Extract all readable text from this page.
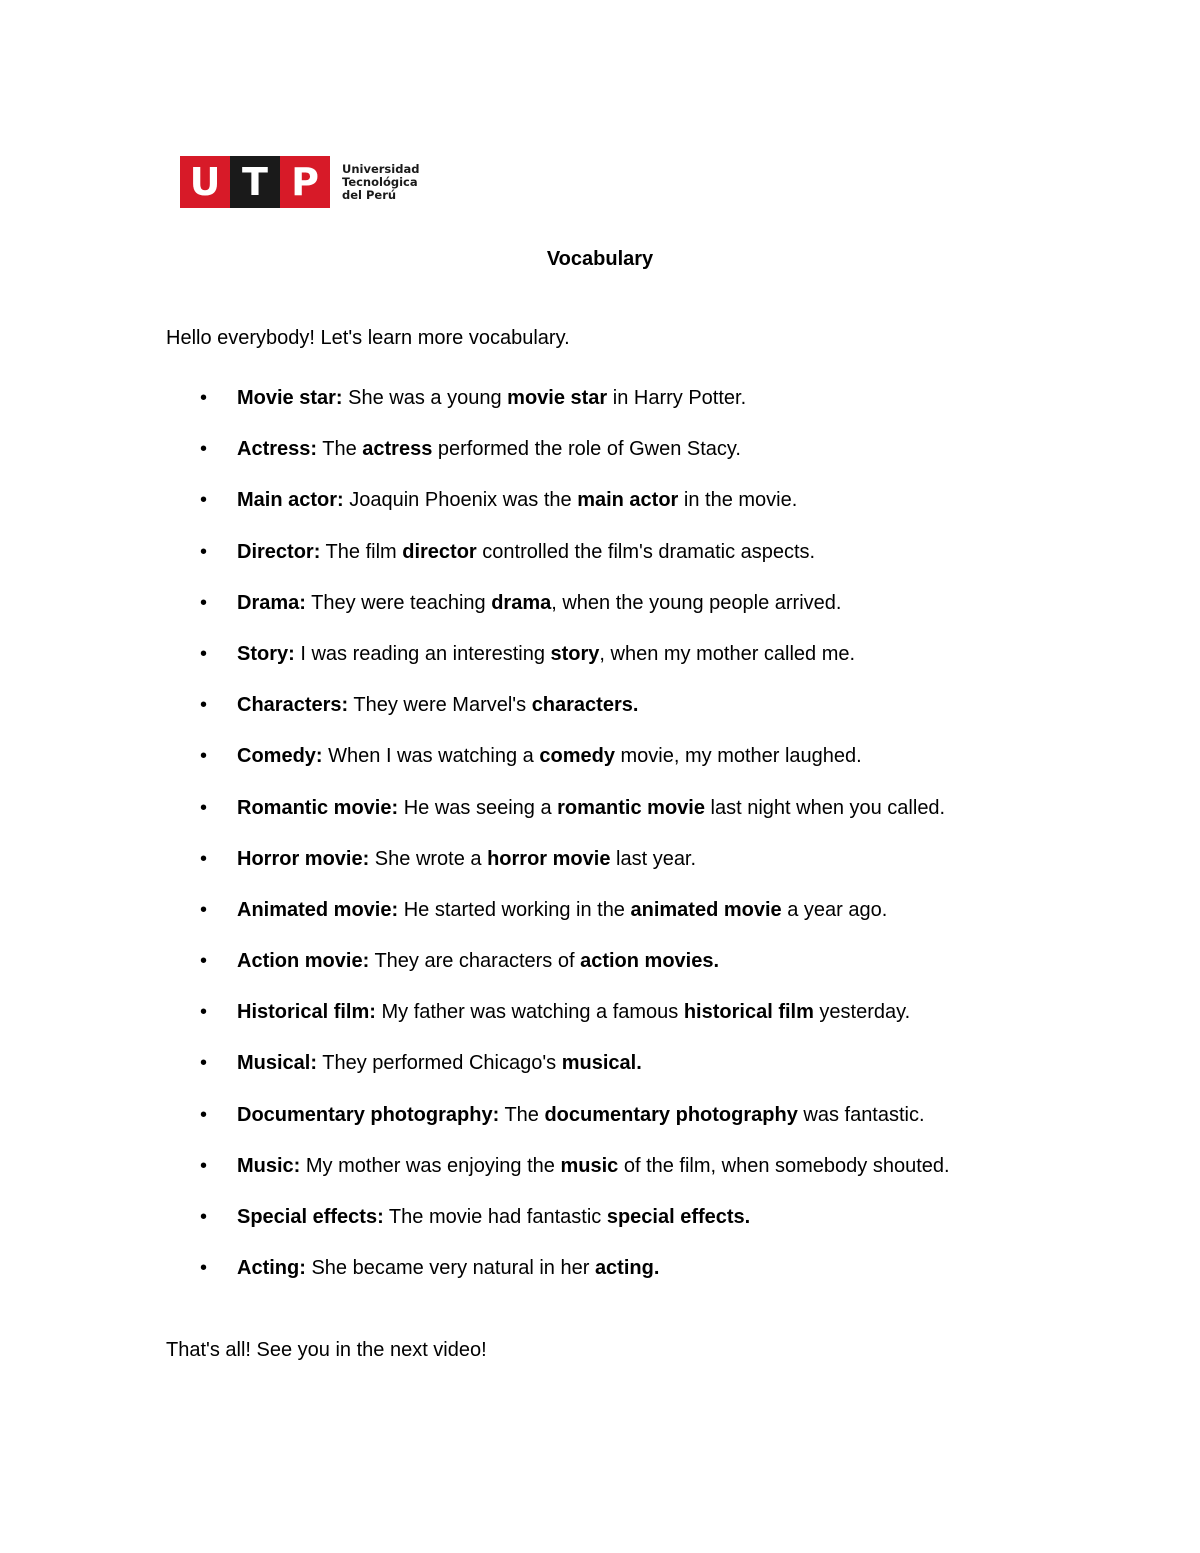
U T P	Universidad
Tecnológica
del Perú
Vocabulary
Hello everybody! Let's learn more vocabulary.
• Movie star: She was a young movie star in Harry Potter.
• Actress: The actress performed the role of Gwen Stacy.
• Main actor: Joaquin Phoenix was the main actor in the movie.
• Director: The film director controlled the film's dramatic aspects.
• Drama: They were teaching drama, when the young people arrived.
• Story: I was reading an interesting story, when my mother called me.
• Characters: They were Marvel's characters.
• Comedy: When I was watching a comedy movie, my mother laughed.
• Romantic movie: He was seeing a romantic movie last night when you called.
• Horror movie: She wrote a horror movie last year.
• Animated movie: He started working in the animated movie a year ago.
• Action movie: They are characters of action movies.
• Historical film: My father was watching a famous historical film yesterday.
• Musical: They performed Chicago's musical.
• Documentary photography: The documentary photography was fantastic.
• Music: My mother was enjoying the music of the film, when somebody shouted.
• Special effects: The movie had fantastic special effects.
• Acting: She became very natural in her acting.
That's all! See you in the next video!
